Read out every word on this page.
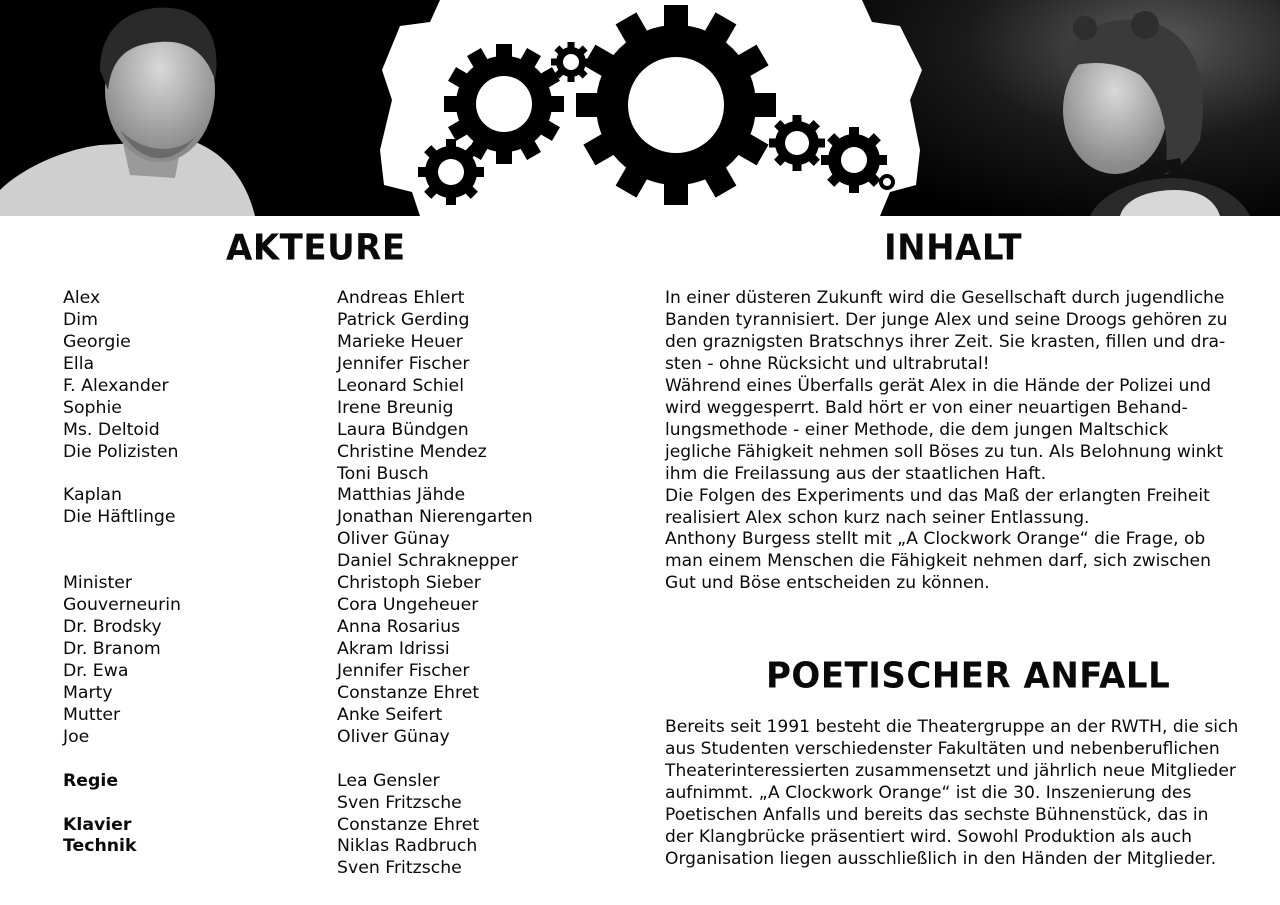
AKTEURE	INHALT
POETISCHER ANFALL
Alex
Dim
Georgie
Ella
F. Alexander
Sophie
Ms. Deltoid
Die Polizisten
Kaplan
Die Häftlinge
Minister
Gouverneurin
Dr. Brodsky
Dr. Branom
Dr. Ewa
Marty
Mutter
Joe
Regie
Klavier
Technik
Andreas Ehlert
Patrick Gerding
Marieke Heuer
Jennifer Fischer
Leonard Schiel
Irene Breunig
Laura Bündgen
Christine Mendez
Toni Busch
Matthias Jähde
Jonathan Nierengarten
Oliver Günay
Daniel Schraknepper
Christoph Sieber
Cora Ungeheuer
Anna Rosarius
Akram Idrissi
Jennifer Fischer
Constanze Ehret
Anke Seifert
Oliver Günay
Lea Gensler
Sven Fritzsche
Constanze Ehret
Niklas Radbruch
Sven Fritzsche
In einer düsteren Zukunft wird die Gesellschaft durch jugendliche
Banden tyrannisiert. Der junge Alex und seine Droogs gehören zu
den graznigsten Bratschnys ihrer Zeit. Sie krasten, fillen und dra-
sten - ohne Rücksicht und ultrabrutal!
Während eines Überfalls gerät Alex in die Hände der Polizei und
wird weggesperrt. Bald hört er von einer neuartigen Behand-
lungsmethode - einer Methode, die dem jungen Maltschick
jegliche Fähigkeit nehmen soll Böses zu tun. Als Belohnung winkt
ihm die Freilassung aus der staatlichen Haft.
Die Folgen des Experiments und das Maß der erlangten Freiheit
realisiert Alex schon kurz nach seiner Entlassung.
Anthony Burgess stellt mit „A Clockwork Orange“ die Frage, ob
man einem Menschen die Fähigkeit nehmen darf, sich zwischen
Gut und Böse entscheiden zu können.
Bereits seit 1991 besteht die Theatergruppe an der RWTH, die sich
aus Studenten verschiedenster Fakultäten und nebenberuflichen
Theaterinteressierten zusammensetzt und jährlich neue Mitglieder
aufnimmt. „A Clockwork Orange“ ist die 30. Inszenierung des
Poetischen Anfalls und bereits das sechste Bühnenstück, das in
der Klangbrücke präsentiert wird. Sowohl Produktion als auch
Organisation liegen ausschließlich in den Händen der Mitglieder.
